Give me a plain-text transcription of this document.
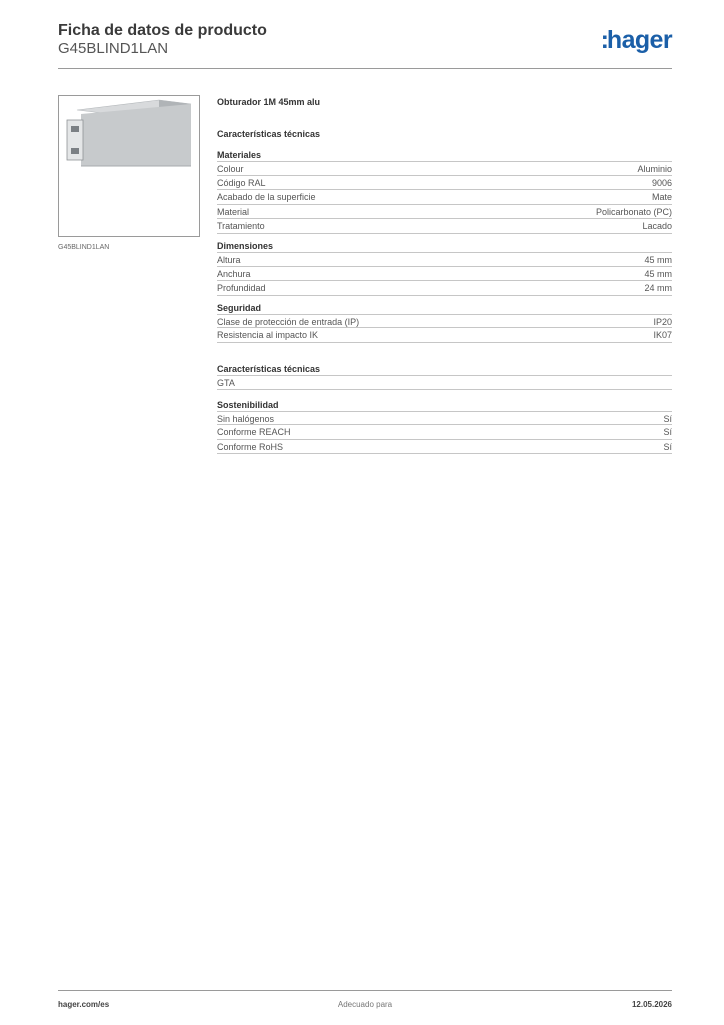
Ficha de datos de producto
G45BLIND1LAN	:hager
G45BLIND1LAN
Obturador 1M 45mm alu
Características técnicas
Materiales
Colour	Aluminio
Código RAL	9006
Acabado de la superficie	Mate
Material	Policarbonato (PC)
Tratamiento	Lacado
Dimensiones
Altura	45 mm
Anchura	45 mm
Profundidad	24 mm
Seguridad
Clase de protección de entrada (IP)	IP20
Resistencia al impacto IK	IK07
Características técnicas
GTA
Sostenibilidad
Sin halógenos	Sí
Conforme REACH	Sí
Conforme RoHS	Sí
hager.com/es	Adecuado para	12.05.2026
